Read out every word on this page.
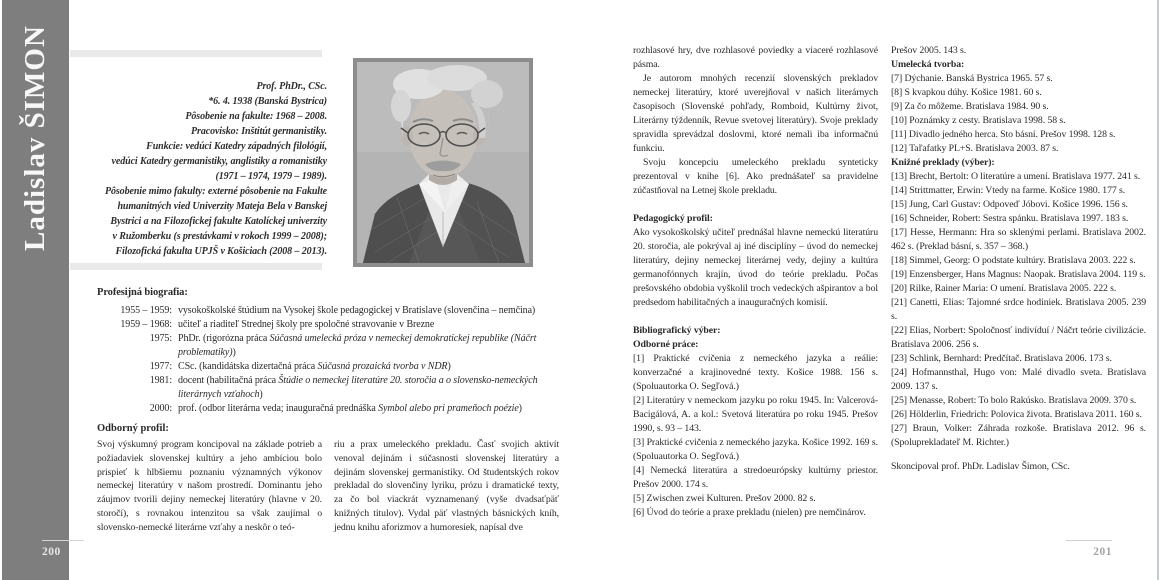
Ladislav ŠIMON	Prof. PhDr., CSc.
*6. 4. 1938 (Banská Bystrica)
Pôsobenie na fakulte: 1968 – 2008.
Pracovisko: Inštitút germanistiky.
Funkcie: vedúci Katedry západných filológií,
vedúci Katedry germanistiky, anglistiky a romanistiky
(1971 – 1974, 1979 – 1989).
Pôsobenie mimo fakulty: externé pôsobenie na Fakulte
humanitných vied Univerzity Mateja Bela v Banskej
Bystrici a na Filozofickej fakulte Katolíckej univerzity
v Ružomberku (s prestávkami v rokoch 1999 – 2008);
Filozofická fakulta UPJŠ v Košiciach (2008 – 2013).
Profesijná biografia:
1955 – 1959: vysokoškolské štúdium na Vysokej škole pedagogickej v Bratislave (slovenčina – nemčina)
1959 – 1968: učiteľ a riaditeľ Strednej školy pre spoločné stravovanie v Brezne
1975: PhDr. (rigorózna práca Súčasná umelecká próza v nemeckej demokratickej republike (Náčrt problematiky))
1977: CSc. (kandidátska dizertačná práca Súčasná prozaická tvorba v NDR)
1981: docent (habilitačná práca Štúdie o nemeckej literatúre 20. storočia a o slovensko-nemeckých literárnych vzťahoch)
2000: prof. (odbor literárna veda; inauguračná prednáška Symbol alebo pri prameňoch poézie)
Odborný profil:
Svoj výskumný program koncipoval na základe potrieb a požiadaviek slovenskej kultúry a jeho ambíciou bolo prispieť k hlbšiemu poznaniu významných výkonov nemeckej literatúry v našom prostredí. Dominantu jeho záujmov tvorili dejiny nemeckej literatúry (hlavne v 20. storočí), s rovnakou intenzitou sa však zaujímal o slovensko-nemecké literárne vzťahy a neskôr o teó-
riu a prax umeleckého prekladu. Časť svojich aktivít venoval dejinám i súčasnosti slovenskej literatúry a dejinám slovenskej germanistiky. Od študentských rokov prekladal do slovenčiny lyriku, prózu i dramatické texty, za čo bol viackrát vyznamenaný (vyše dvadsaťpäť knižných titulov). Vydal päť vlastných básnických kníh, jednu knihu aforizmov a humoresiek, napísal dve
200

rozhlasové hry, dve rozhlasové poviedky a viaceré rozhlasové pásma.

Je autorom mnohých recenzií slovenských prekladov nemeckej literatúry, ktoré uverejňoval v našich literárnych časopisoch (Slovenské pohľady, Romboid, Kultúrny život, Literárny týždenník, Revue svetovej literatúry). Svoje preklady spravidla sprevádzal doslovmi, ktoré nemali iba informačnú funkciu.

Svoju koncepciu umeleckého prekladu synteticky prezentoval v knihe [6]. Ako prednášateľ sa pravidelne zúčastňoval na Letnej škole prekladu.

Pedagogický profil:

Ako vysokoškolský učiteľ prednášal hlavne nemeckú literatúru 20. storočia, ale pokrýval aj iné disciplíny – úvod do nemeckej literatúry, dejiny nemeckej literárnej vedy, dejiny a kultúra germanofónnych krajín, úvod do teórie prekladu. Počas prešovského obdobia vyškolil troch vedeckých ašpirantov a bol predsedom habilitačných a inauguračných komisií.

Bibliografický výber:

Odborné práce:

[1] Praktické cvičenia z nemeckého jazyka a reálie: konverzačné a krajinovedné texty. Košice 1988. 156 s. (Spoluautorka O. Segľová.)

[2] Literatúry v nemeckom jazyku po roku 1945. In: Valcerová-Bacigálová, A. a kol.: Svetová literatúra po roku 1945. Prešov 1990, s. 93 – 143.

[3] Praktické cvičenia z nemeckého jazyka. Košice 1992. 169 s. (Spoluautorka O. Segľová.)

[4] Nemecká literatúra a stredoeurópsky kultúrny priestor. Prešov 2000. 174 s.

[5] Zwischen zwei Kulturen. Prešov 2000. 82 s.

[6] Úvod do teórie a praxe prekladu (nielen) pre nemčinárov.

Prešov 2005. 143 s.

Umelecká tvorba:

[7] Dýchanie. Banská Bystrica 1965. 57 s.

[8] S kvapkou dúhy. Košice 1981. 60 s.

[9] Za čo môžeme. Bratislava 1984. 90 s.

[10] Poznámky z cesty. Bratislava 1998. 58 s.

[11] Divadlo jedného herca. Sto básní. Prešov 1998. 128 s.

[12] Taľafatky PL+S. Bratislava 2003. 87 s.

Knižné preklady (výber):

[13] Brecht, Bertolt: O literatúre a umení. Bratislava 1977. 241 s.

[14] Strittmatter, Erwin: Vtedy na farme. Košice 1980. 177 s.

[15] Jung, Carl Gustav: Odpoveď Jóbovi. Košice 1996. 156 s.

[16] Schneider, Robert: Sestra spánku. Bratislava 1997. 183 s.

[17] Hesse, Hermann: Hra so sklenými perlami. Bratislava 2002. 462 s. (Preklad básní, s. 357 – 368.)

[18] Simmel, Georg: O podstate kultúry. Bratislava 2003. 222 s.

[19] Enzensberger, Hans Magnus: Naopak. Bratislava 2004. 119 s.

[20] Rilke, Rainer Maria: O umení. Bratislava 2005. 222 s.

[21] Canetti, Elias: Tajomné srdce hodiniek. Bratislava 2005. 239 s.

[22] Elias, Norbert: Spoločnosť indivíduí / Náčrt teórie civilizácie. Bratislava 2006. 256 s.

[23] Schlink, Bernhard: Predčítač. Bratislava 2006. 173 s.

[24] Hofmannsthal, Hugo von: Malé divadlo sveta. Bratislava 2009. 137 s.

[25] Menasse, Robert: To bolo Rakúsko. Bratislava 2009. 370 s.

[26] Hölderlin, Friedrich: Polovica života. Bratislava 2011. 160 s.

[27] Braun, Volker: Záhrada rozkoše. Bratislava 2012. 96 s. (Spoluprekladateľ M. Richter.)

Skoncipoval prof. PhDr. Ladislav Šimon, CSc.

201
